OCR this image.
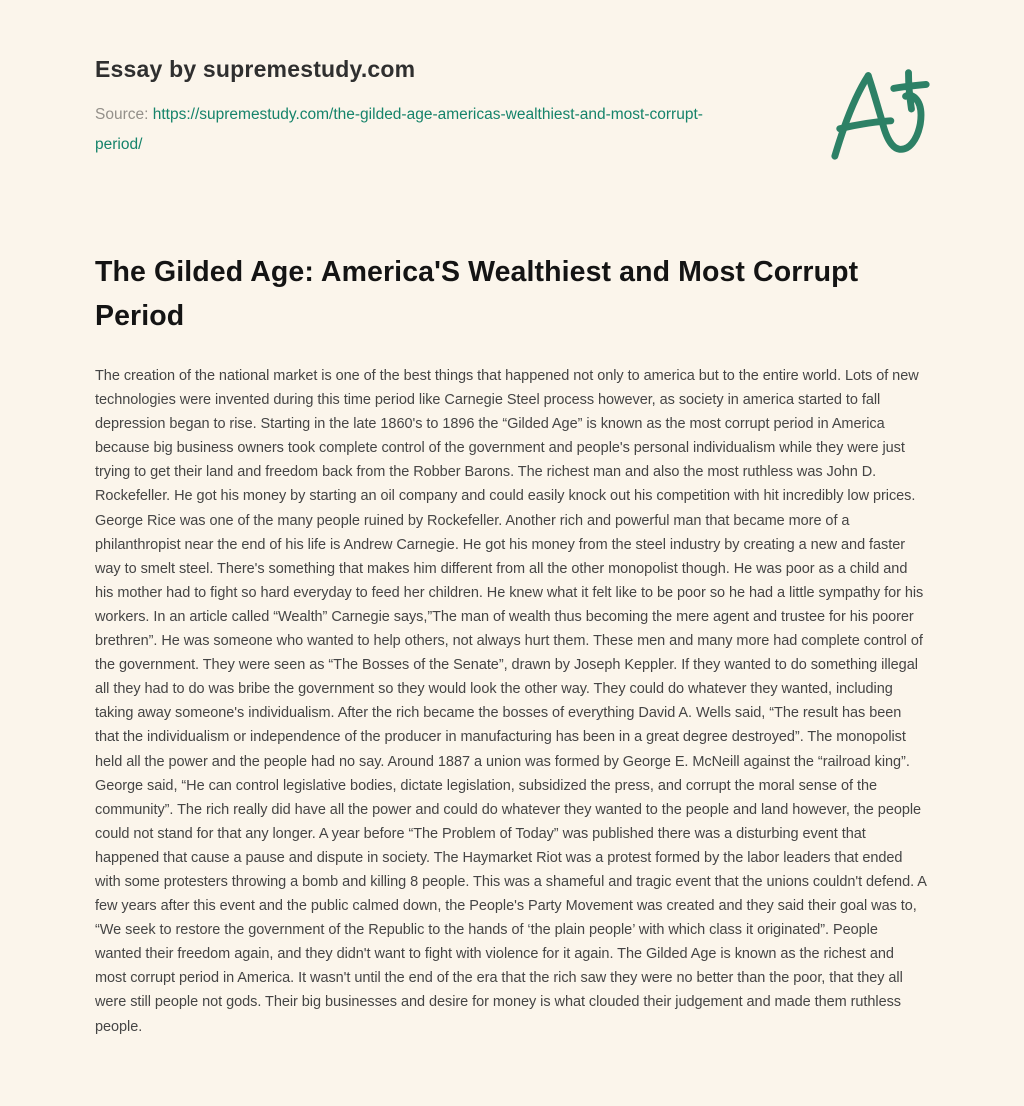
Essay by supremestudy.com

Source: https://supremestudy.com/the-gilded-age-americas-wealthiest-and-most-corrupt-
period/

The Gilded Age: America'S Wealthiest and Most Corrupt Period

The creation of the national market is one of the best things that happened not only to america but to the entire world. Lots of new technologies were invented during this time period like Carnegie Steel process however, as society in america started to fall depression began to rise. Starting in the late 1860's to 1896 the “Gilded Age” is known as the most corrupt period in America because big business owners took complete control of the government and people's personal individualism while they were just trying to get their land and freedom back from the Robber Barons. The richest man and also the most ruthless was John D. Rockefeller. He got his money by starting an oil company and could easily knock out his competition with hit incredibly low prices. George Rice was one of the many people ruined by Rockefeller. Another rich and powerful man that became more of a philanthropist near the end of his life is Andrew Carnegie. He got his money from the steel industry by creating a new and faster way to smelt steel. There's something that makes him different from all the other monopolist though. He was poor as a child and his mother had to fight so hard everyday to feed her children. He knew what it felt like to be poor so he had a little sympathy for his workers. In an article called “Wealth” Carnegie says,”The man of wealth thus becoming the mere agent and trustee for his poorer brethren”. He was someone who wanted to help others, not always hurt them. These men and many more had complete control of the government. They were seen as “The Bosses of the Senate”, drawn by Joseph Keppler. If they wanted to do something illegal all they had to do was bribe the government so they would look the other way. They could do whatever they wanted, including taking away someone's individualism. After the rich became the bosses of everything David A. Wells said, “The result has been that the individualism or independence of the producer in manufacturing has been in a great degree destroyed”. The monopolist held all the power and the people had no say. Around 1887 a union was formed by George E. McNeill against the “railroad king”. George said, “He can control legislative bodies, dictate legislation, subsidized the press, and corrupt the moral sense of the community”. The rich really did have all the power and could do whatever they wanted to the people and land however, the people could not stand for that any longer. A year before “The Problem of Today” was published there was a disturbing event that happened that cause a pause and dispute in society. The Haymarket Riot was a protest formed by the labor leaders that ended with some protesters throwing a bomb and killing 8 people. This was a shameful and tragic event that the unions couldn't defend. A few years after this event and the public calmed down, the People's Party Movement was created and they said their goal was to, “We seek to restore the government of the Republic to the hands of ‘the plain people’ with which class it originated”. People wanted their freedom again, and they didn't want to fight with violence for it again. The Gilded Age is known as the richest and most corrupt period in America. It wasn't until the end of the era that the rich saw they were no better than the poor, that they all were still people not gods. Their big businesses and desire for money is what clouded their judgement and made them ruthless people.
